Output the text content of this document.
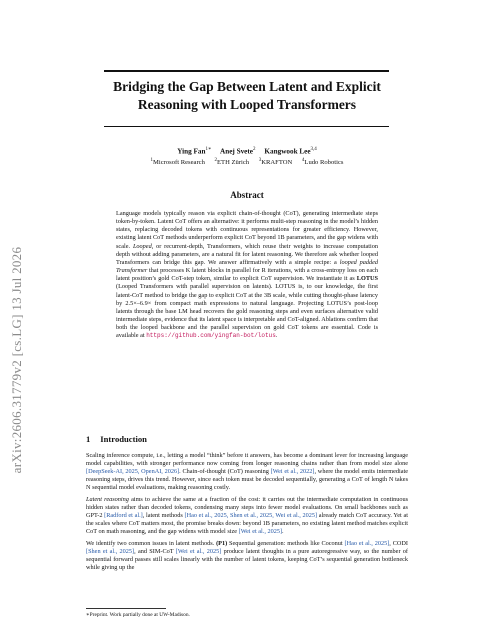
arXiv:2606.31779v2 [cs.LG] 13 Jul 2026
Bridging the Gap Between Latent and Explicit
Reasoning with Looped Transformers
Ying Fan$^{1∗}$ Anej Svete$^2$ Kangwook Lee$^{3,4}$
$^1$Microsoft Research $^2$ETH Zürich $^3$KRAFTON $^4$Ludo Robotics
Abstract

Language models typically reason via explicit chain-of-thought (CoT), generating intermediate steps token-by-token. Latent CoT offers an alternative: it performs multi-step reasoning in the model’s hidden states, replacing decoded tokens with continuous representations for greater efficiency. However, existing latent CoT methods underperform explicit CoT beyond 1B parameters, and the gap widens with scale. Looped, or recurrent-depth, Transformers, which reuse their weights to increase computation depth without adding parameters, are a natural fit for latent reasoning. We therefore ask whether looped Transformers can bridge this gap. We answer affirmatively with a simple recipe: a looped padded Transformer that processes K latent blocks in parallel for R iterations, with a cross-entropy loss on each latent position’s gold CoT-step token, similar to explicit CoT supervision. We instantiate it as LOTUS (Looped Transformers with parallel supervision on latents). LOTUS is, to our knowledge, the first latent-CoT method to bridge the gap to explicit CoT at the 3B scale, while cutting thought-phase latency by 2.5×–6.9× from compact math expressions to natural language. Projecting LOTUS’s post-loop latents through the base LM head recovers the gold reasoning steps and even surfaces alternative valid intermediate steps, evidence that its latent space is interpretable and CoT-aligned. Ablations confirm that both the looped backbone and the parallel supervision on gold CoT tokens are essential. Code is available at https://github.com/yingfan-bot/lotus.

1 Introduction

Scaling inference compute, i.e., letting a model “think” before it answers, has become a dominant lever for increasing language model capabilities, with stronger performance now coming from longer reasoning chains rather than from model size alone [DeepSeek-AI, 2025, OpenAI, 2026]. Chain-of-thought (CoT) reasoning [Wei et al., 2022], where the model emits intermediate reasoning steps, drives this trend. However, since each token must be decoded sequentially, generating a CoT of length N takes N sequential model evaluations, making reasoning costly.

Latent reasoning aims to achieve the same at a fraction of the cost: it carries out the intermediate computation in continuous hidden states rather than decoded tokens, condensing many steps into fewer model evaluations. On small backbones such as GPT-2 [Radford et al.], latent methods [Hao et al., 2025, Shen et al., 2025, Wei et al., 2025] already match CoT accuracy. Yet at the scales where CoT matters most, the promise breaks down: beyond 1B parameters, no existing latent method matches explicit CoT on math reasoning, and the gap widens with model size [Wei et al., 2025].

We identify two common issues in latent methods. (P1) Sequential generation: methods like Coconut [Hao et al., 2025], CODI [Shen et al., 2025], and SIM-CoT [Wei et al., 2025] produce latent thoughts in a pure autoregressive way, so the number of sequential forward passes still scales linearly with the number of latent tokens, keeping CoT’s sequential generation bottleneck while giving up the

∗Preprint. Work partially done at UW-Madison.
